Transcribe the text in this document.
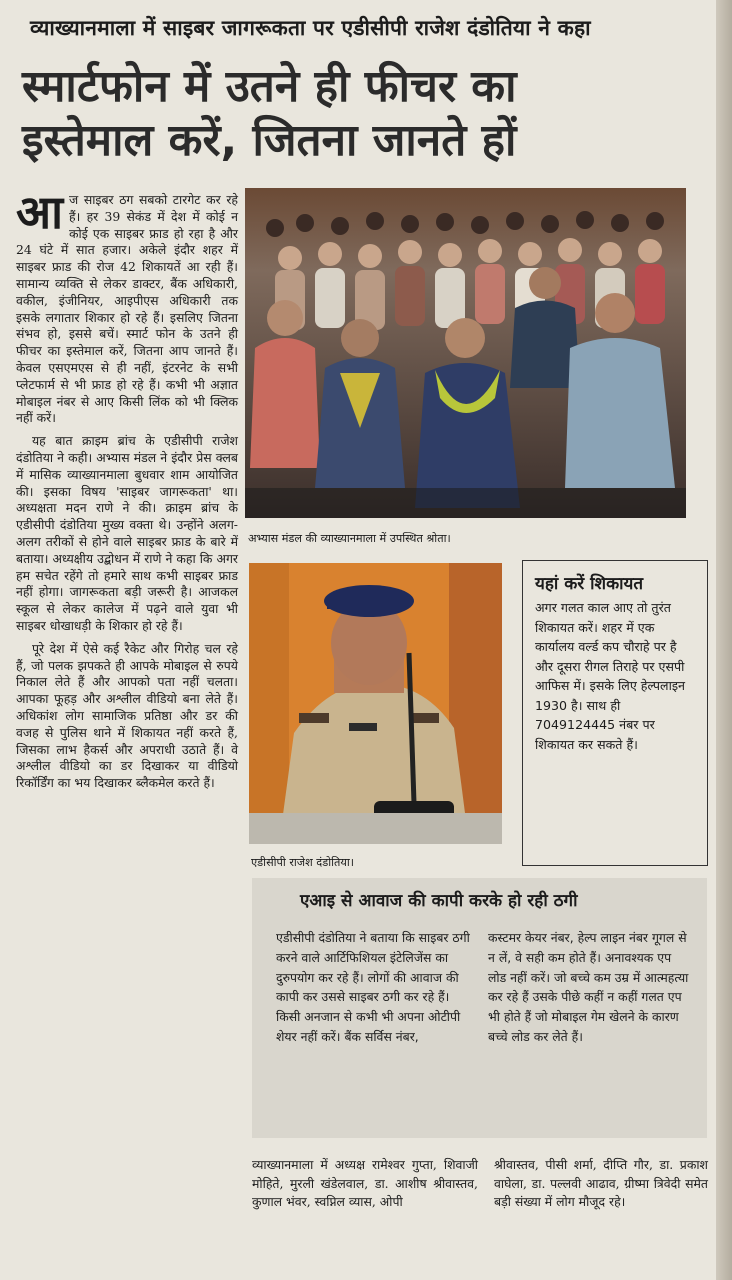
व्याख्यानमाला में साइबर जागरूकता पर एडीसीपी राजेश दंडोतिया ने कहा
स्मार्टफोन में उतने ही फीचर का
इस्तेमाल करें, जितना जानते हों

आज साइबर ठग सबको टारगेट कर रहे हैं। हर 39 सेकंड में देश में कोई न कोई एक साइबर फ्राड हो रहा है और 24 घंटे में सात हजार। अकेले इंदौर शहर में साइबर फ्राड की रोज 42 शिकायतें आ रही हैं। सामान्य व्यक्ति से लेकर डाक्टर, बैंक अधिकारी, वकील, इंजीनियर, आइपीएस अधिकारी तक इसके लगातार शिकार हो रहे हैं। इसलिए जितना संभव हो, इससे बचें। स्मार्ट फोन के उतने ही फीचर का इस्तेमाल करें, जितना आप जानते हैं। केवल एसएमएस से ही नहीं, इंटरनेट के सभी प्लेटफार्म से भी फ्राड हो रहे हैं। कभी भी अज्ञात मोबाइल नंबर से आए किसी लिंक को भी क्लिक नहीं करें।

यह बात क्राइम ब्रांच के एडीसीपी राजेश दंडोतिया ने कही। अभ्यास मंडल ने इंदौर प्रेस क्लब में मासिक व्याख्यानमाला बुधवार शाम आयोजित की। इसका विषय 'साइबर जागरूकता' था। अध्यक्षता मदन राणे ने की। क्राइम ब्रांच के एडीसीपी दंडोतिया मुख्य वक्ता थे। उन्होंने अलग-अलग तरीकों से होने वाले साइबर फ्राड के बारे में बताया। अध्यक्षीय उद्बोधन में राणे ने कहा कि अगर हम सचेत रहेंगे तो हमारे साथ कभी साइबर फ्राड नहीं होगा। जागरूकता बड़ी जरूरी है। आजकल स्कूल से लेकर कालेज में पढ़ने वाले युवा भी साइबर धोखाधड़ी के शिकार हो रहे हैं।

पूरे देश में ऐसे कई रैकेट और गिरोह चल रहे हैं, जो पलक झपकते ही आपके मोबाइल से रुपये निकाल लेते हैं और आपको पता नहीं चलता। आपका फूहड़ और अश्लील वीडियो बना लेते हैं। अधिकांश लोग सामाजिक प्रतिष्ठा और डर की वजह से पुलिस थाने में शिकायत नहीं करते हैं, जिसका लाभ हैकर्स और अपराधी उठाते हैं। वे अश्लील वीडियो का डर दिखाकर या वीडियो रिकॉर्डिंग का भय दिखाकर ब्लैकमेल करते हैं।

अभ्यास मंडल की व्याख्यानमाला में उपस्थित श्रोता।
एडीसीपी राजेश दंडोतिया।
यहां करें शिकायत

अगर गलत काल आए तो तुरंत शिकायत करें। शहर में एक कार्यालय वर्ल्ड कप चौराहे पर है और दूसरा रीगल तिराहे पर एसपी आफिस में। इसके लिए हेल्पलाइन 1930 है। साथ ही 7049124445 नंबर पर शिकायत कर सकते हैं।

एआइ से आवाज की कापी करके हो रही ठगी
एडीसीपी दंडोतिया ने बताया कि साइबर ठगी करने वाले आर्टिफिशियल इंटेलिजेंस का दुरुपयोग कर रहे हैं। लोगों की आवाज की कापी कर उससे साइबर ठगी कर रहे हैं। किसी अनजान से कभी भी अपना ओटीपी शेयर नहीं करें। बैंक सर्विस नंबर,
कस्टमर केयर नंबर, हेल्प लाइन नंबर गूगल से न लें, वे सही कम होते हैं। अनावश्यक एप लोड नहीं करें। जो बच्चे कम उम्र में आत्महत्या कर रहे हैं उसके पीछे कहीं न कहीं गलत एप भी होते हैं जो मोबाइल गेम खेलने के कारण बच्चे लोड कर लेते हैं।
व्याख्यानमाला में अध्यक्ष रामेश्वर गुप्ता, शिवाजी मोहिते, मुरली खंडेलवाल, डा. आशीष श्रीवास्तव, कुणाल भंवर, स्वप्निल व्यास, ओपी
श्रीवास्तव, पीसी शर्मा, दीप्ति गौर, डा. प्रकाश वाघेला, डा. पल्लवी आढाव, ग्रीष्मा त्रिवेदी समेत बड़ी संख्या में लोग मौजूद रहे।
